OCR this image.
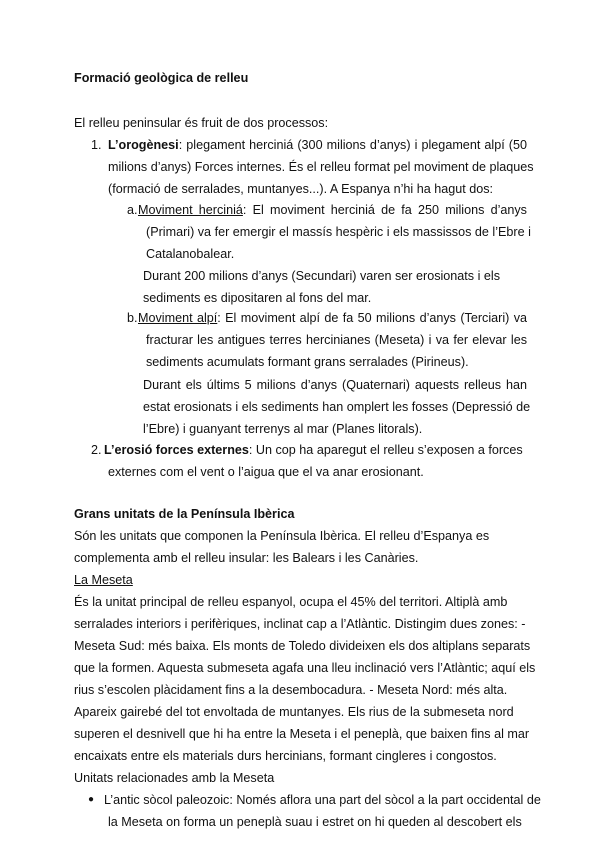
Formació geològica de relleu
El relleu peninsular és fruit de dos processos:
1. L’orogènesi: plegament herciniá (300 milions d’anys) i plegament alpí (50
milions d’anys) Forces internes. És el relleu format pel moviment de plaques
(formació de serralades, muntanyes...). A Espanya n’hi ha hagut dos:
a. Moviment herciniá: El moviment herciniá de fa 250 milions d’anys
(Primari) va fer emergir el massís hespèric i els massissos de l’Ebre i
Catalanobalear.
Durant 200 milions d’anys (Secundari) varen ser erosionats i els
sediments es dipositaren al fons del mar.
b. Moviment alpí: El moviment alpí de fa 50 milions d’anys (Terciari) va
fracturar les antigues terres hercinianes (Meseta) i va fer elevar les
sediments acumulats formant grans serralades (Pirineus).
Durant els últims 5 milions d’anys (Quaternari) aquests relleus han
estat erosionats i els sediments han omplert les fosses (Depressió de
l’Ebre) i guanyant terrenys al mar (Planes litorals).
2. L’erosió forces externes: Un cop ha aparegut el relleu s’exposen a forces
externes com el vent o l’aigua que el va anar erosionant.
Grans unitats de la Península Ibèrica
Són les unitats que componen la Península Ibèrica. El relleu d’Espanya es
complementa amb el relleu insular: les Balears i les Canàries.
La Meseta
És la unitat principal de relleu espanyol, ocupa el 45% del territori. Altiplà amb
serralades interiors i perifèriques, inclinat cap a l’Atlàntic. Distingim dues zones: -
Meseta Sud: més baixa. Els monts de Toledo divideixen els dos altiplans separats
que la formen. Aquesta submeseta agafa una lleu inclinació vers l’Atlàntic; aquí els
rius s’escolen plàcidament fins a la desembocadura. - Meseta Nord: més alta.
Apareix gairebé del tot envoltada de muntanyes. Els rius de la submeseta nord
superen el desnivell que hi ha entre la Meseta i el peneplà, que baixen fins al mar
encaixats entre els materials durs hercinians, formant cingleres i congostos.
Unitats relacionades amb la Meseta
● L’antic sòcol paleozoic: Només aflora una part del sòcol a la part occidental de
la Meseta on forma un peneplà suau i estret on hi queden al descobert els
